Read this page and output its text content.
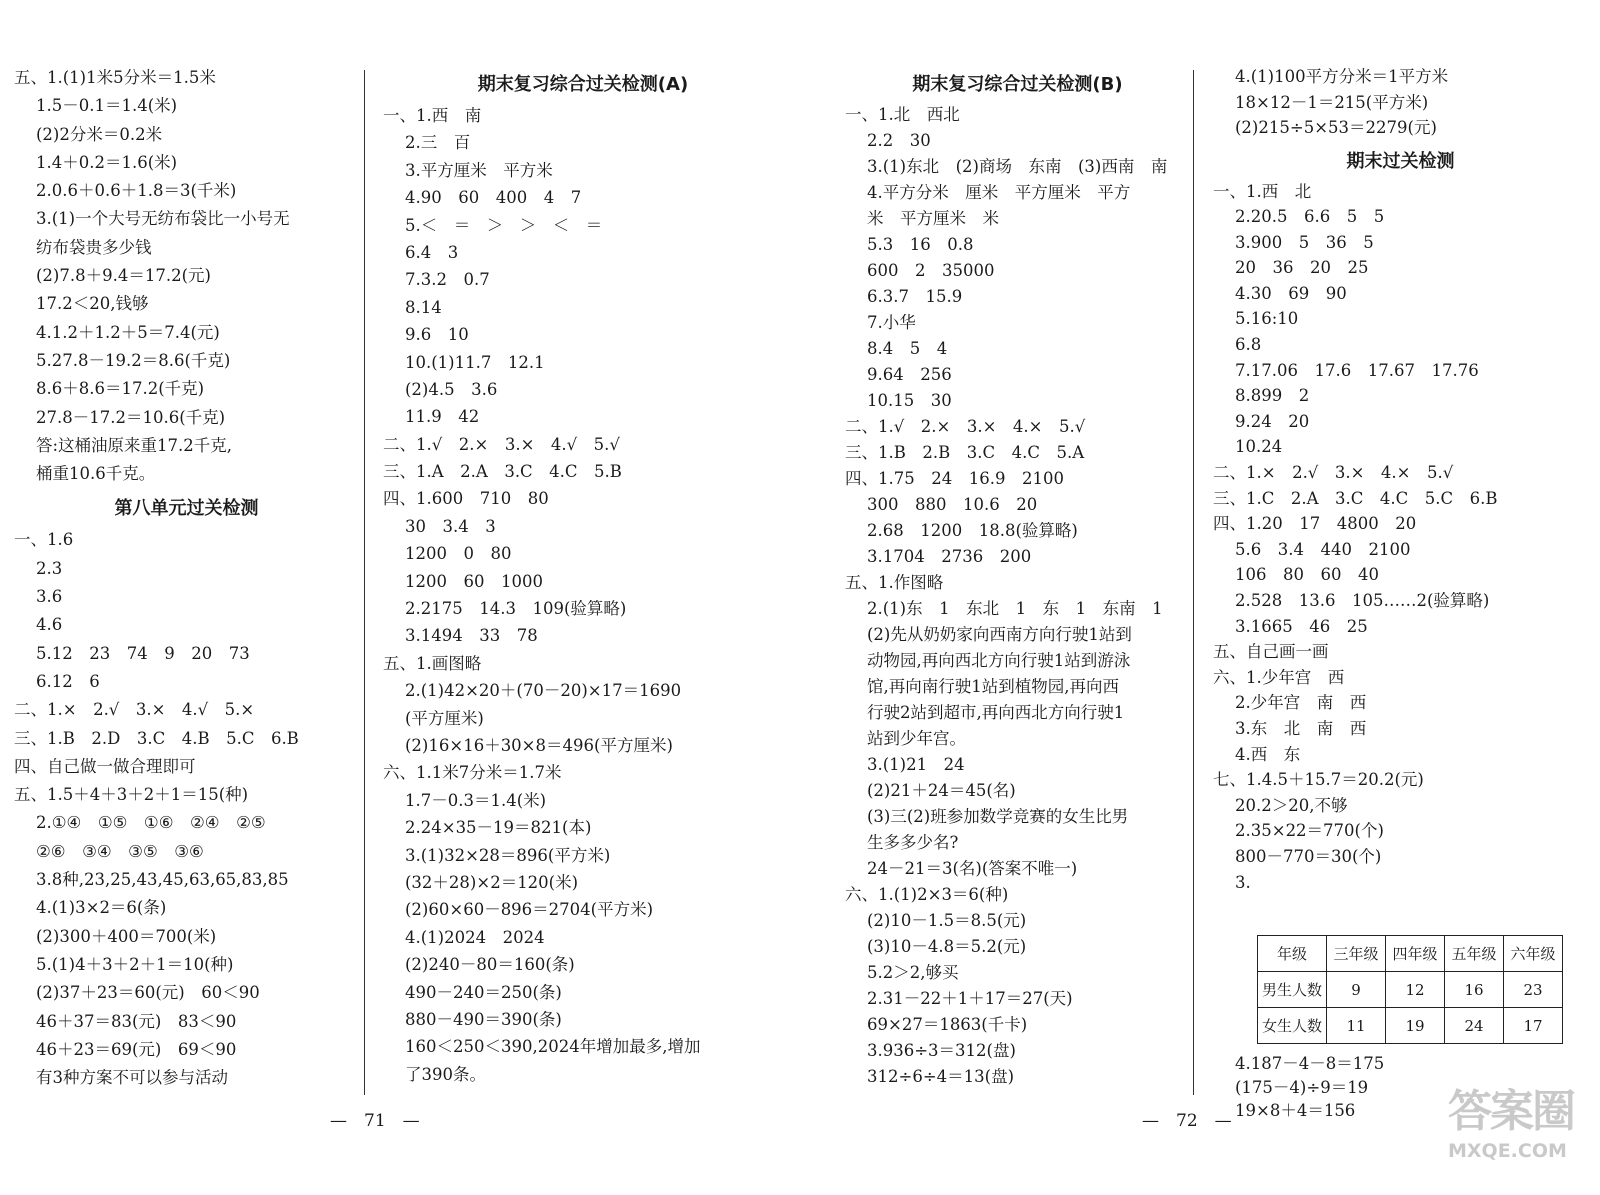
五、1.(1)1米5分米＝1.5米
1.5－0.1＝1.4(米)
(2)2分米＝0.2米
1.4＋0.2＝1.6(米)
2.0.6＋0.6＋1.8＝3(千米)
3.(1)一个大号无纺布袋比一小号无
纺布袋贵多少钱
(2)7.8＋9.4＝17.2(元)
17.2＜20,钱够
4.1.2＋1.2＋5＝7.4(元)
5.27.8－19.2＝8.6(千克)
8.6＋8.6＝17.2(千克)
27.8－17.2＝10.6(千克)
答:这桶油原来重17.2千克,
桶重10.6千克。
第八单元过关检测
一、1.6
2.3
3.6
4.6
5.12　23　74　9　20　73
6.12　6
二、1.×　2.√　3.×　4.√　5.×
三、1.B　2.D　3.C　4.B　5.C　6.B
四、自己做一做合理即可
五、1.5＋4＋3＋2＋1＝15(种)
2.①④　①⑤　①⑥　②④　②⑤
②⑥　③④　③⑤　③⑥
3.8种,23,25,43,45,63,65,83,85
4.(1)3×2＝6(条)
(2)300＋400＝700(米)
5.(1)4＋3＋2＋1＝10(种)
(2)37＋23＝60(元)　60＜90
46＋37＝83(元)　83＜90
46＋23＝69(元)　69＜90
有3种方案不可以参与活动
期末复习综合过关检测(A)
一、1.西　南
2.三　百
3.平方厘米　平方米
4.90　60　400　4　7
5.＜　＝　＞　＞　＜　＝
6.4　3
7.3.2　0.7
8.14
9.6　10
10.(1)11.7　12.1
(2)4.5　3.6
11.9　42
二、1.√　2.×　3.×　4.√　5.√
三、1.A　2.A　3.C　4.C　5.B
四、1.600　710　80
30　3.4　3
1200　0　80
1200　60　1000
2.2175　14.3　109(验算略)
3.1494　33　78
五、1.画图略
2.(1)42×20＋(70－20)×17＝1690
(平方厘米)
(2)16×16＋30×8＝496(平方厘米)
六、1.1米7分米＝1.7米
1.7－0.3＝1.4(米)
2.24×35－19＝821(本)
3.(1)32×28＝896(平方米)
(32＋28)×2＝120(米)
(2)60×60－896＝2704(平方米)
4.(1)2024　2024
(2)240－80＝160(条)
490－240＝250(条)
880－490＝390(条)
160＜250＜390,2024年增加最多,增加
了390条。
期末复习综合过关检测(B)
一、1.北　西北
2.2　30
3.(1)东北　(2)商场　东南　(3)西南　南
4.平方分米　厘米　平方厘米　平方
米　平方厘米　米
5.3　16　0.8
600　2　35000
6.3.7　15.9
7.小华
8.4　5　4
9.64　256
10.15　30
二、1.√　2.×　3.×　4.×　5.√
三、1.B　2.B　3.C　4.C　5.A
四、1.75　24　16.9　2100
300　880　10.6　20
2.68　1200　18.8(验算略)
3.1704　2736　200
五、1.作图略
2.(1)东　1　东北　1　东　1　东南　1
(2)先从奶奶家向西南方向行驶1站到
动物园,再向西北方向行驶1站到游泳
馆,再向南行驶1站到植物园,再向西
行驶2站到超市,再向西北方向行驶1
站到少年宫。
3.(1)21　24
(2)21＋24＝45(名)
(3)三(2)班参加数学竞赛的女生比男
生多多少名?
24－21＝3(名)(答案不唯一)
六、1.(1)2×3＝6(种)
(2)10－1.5＝8.5(元)
(3)10－4.8＝5.2(元)
5.2＞2,够买
2.31－22＋1＋17＝27(天)
69×27＝1863(千卡)
3.936÷3＝312(盘)
312÷6÷4＝13(盘)
4.(1)100平方分米＝1平方米
18×12－1＝215(平方米)
(2)215÷5×53＝2279(元)
期末过关检测
一、1.西　北
2.20.5　6.6　5　5
3.900　5　36　5
20　36　20　25
4.30　69　90
5.16:10
6.8
7.17.06　17.6　17.67　17.76
8.899　2
9.24　20
10.24
二、1.×　2.√　3.×　4.×　5.√
三、1.C　2.A　3.C　4.C　5.C　6.B
四、1.20　17　4800　20
5.6　3.4　440　2100
106　80　60　40
2.528　13.6　105……2(验算略)
3.1665　46　25
五、自己画一画
六、1.少年宫　西
2.少年宫　南　西
3.东　北　南　西
4.西　东
七、1.4.5＋15.7＝20.2(元)
20.2＞20,不够
2.35×22＝770(个)
800－770＝30(个)
3.
年级	三年级	四年级	五年级	六年级
男生人数	9	12	16	23
女生人数	11	19	24	17
4.187－4－8＝175
(175－4)÷9＝19
19×8＋4＝156
—　71　—	—　72　—	答案圈
MXQE.COM
